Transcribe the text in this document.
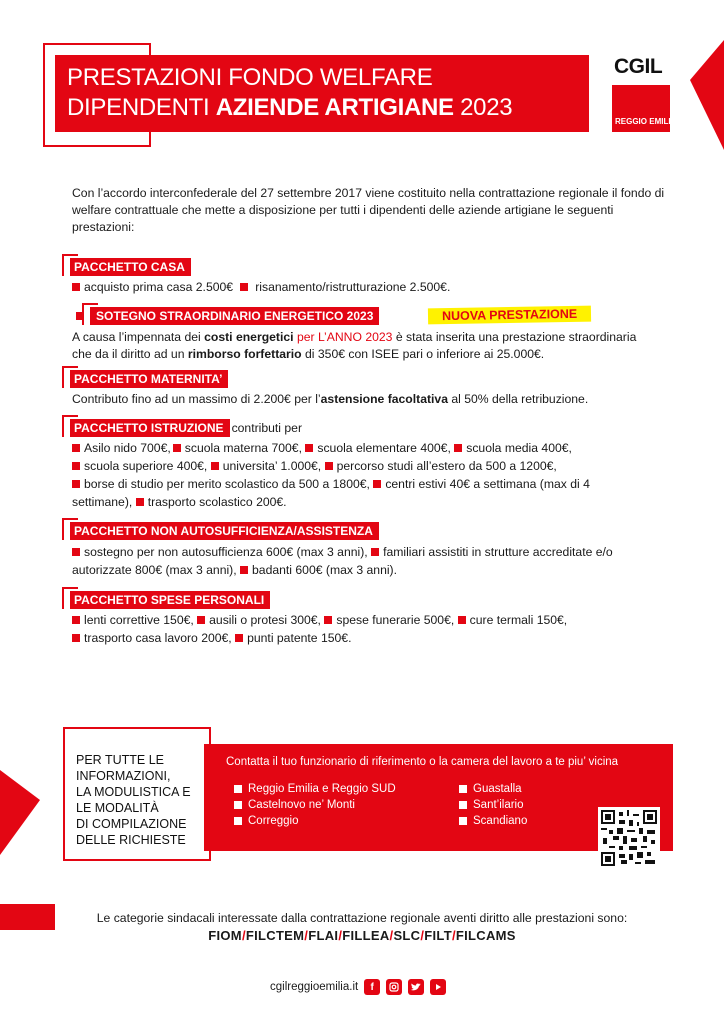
PRESTAZIONI FONDO WELFARE
DIPENDENTI AZIENDE ARTIGIANE 2023
CGIL
REGGIO EMILIA
Con l’accordo interconfederale del 27 settembre 2017 viene costituito nella contrattazione regionale il fondo di welfare contrattuale che mette a disposizione per tutti i dipendenti delle aziende artigiane le seguenti prestazioni:
PACCHETTO CASA
acquisto prima casa 2.500€ risanamento/ristrutturazione 2.500€.
SOTEGNO STRAORDINARIO ENERGETICO 2023	NUOVA PRESTAZIONE
A causa l’impennata dei costi energetici per L’ANNO 2023 è stata inserita una prestazione straordinaria
che da il diritto ad un rimborso forfettario di 350€ con ISEE pari o inferiore ai 25.000€.
PACCHETTO MATERNITA’
Contributo fino ad un massimo di 2.200€ per l’astensione facoltativa al 50% della retribuzione.
PACCHETTO ISTRUZIONE contributi per
Asilo nido 700€, scuola materna 700€, scuola elementare 400€, scuola media 400€,
scuola superiore 400€, universita’ 1.000€, percorso studi all’estero da 500 a 1200€,
borse di studio per merito scolastico da 500 a 1800€, centri estivi 40€ a settimana (max di 4
settimane), trasporto scolastico 200€.
PACCHETTO NON AUTOSUFFICIENZA/ASSISTENZA
sostegno per non autosufficienza 600€ (max 3 anni), familiari assistiti in strutture accreditate e/o
autorizzate 800€ (max 3 anni), badanti 600€ (max 3 anni).
PACCHETTO SPESE PERSONALI
lenti correttive 150€, ausili o protesi 300€, spese funerarie 500€, cure termali 150€,
trasporto casa lavoro 200€, punti patente 150€.
PER TUTTE LE
INFORMAZIONI,
LA MODULISTICA E
LE MODALITÀ
DI COMPILAZIONE
DELLE RICHIESTE
Contatta il tuo funzionario di riferimento o la camera del lavoro a te piu’ vicina
Reggio Emilia e Reggio SUD
Castelnovo ne’ Monti
Correggio
Guastalla
Sant’ilario
Scandiano
Le categorie sindacali interessate dalla contrattazione regionale aventi diritto alle prestazioni sono:
FIOM/FILCTEM/FLAI/FILLEA/SLC/FILT/FILCAMS
cgilreggioemilia.it	f
